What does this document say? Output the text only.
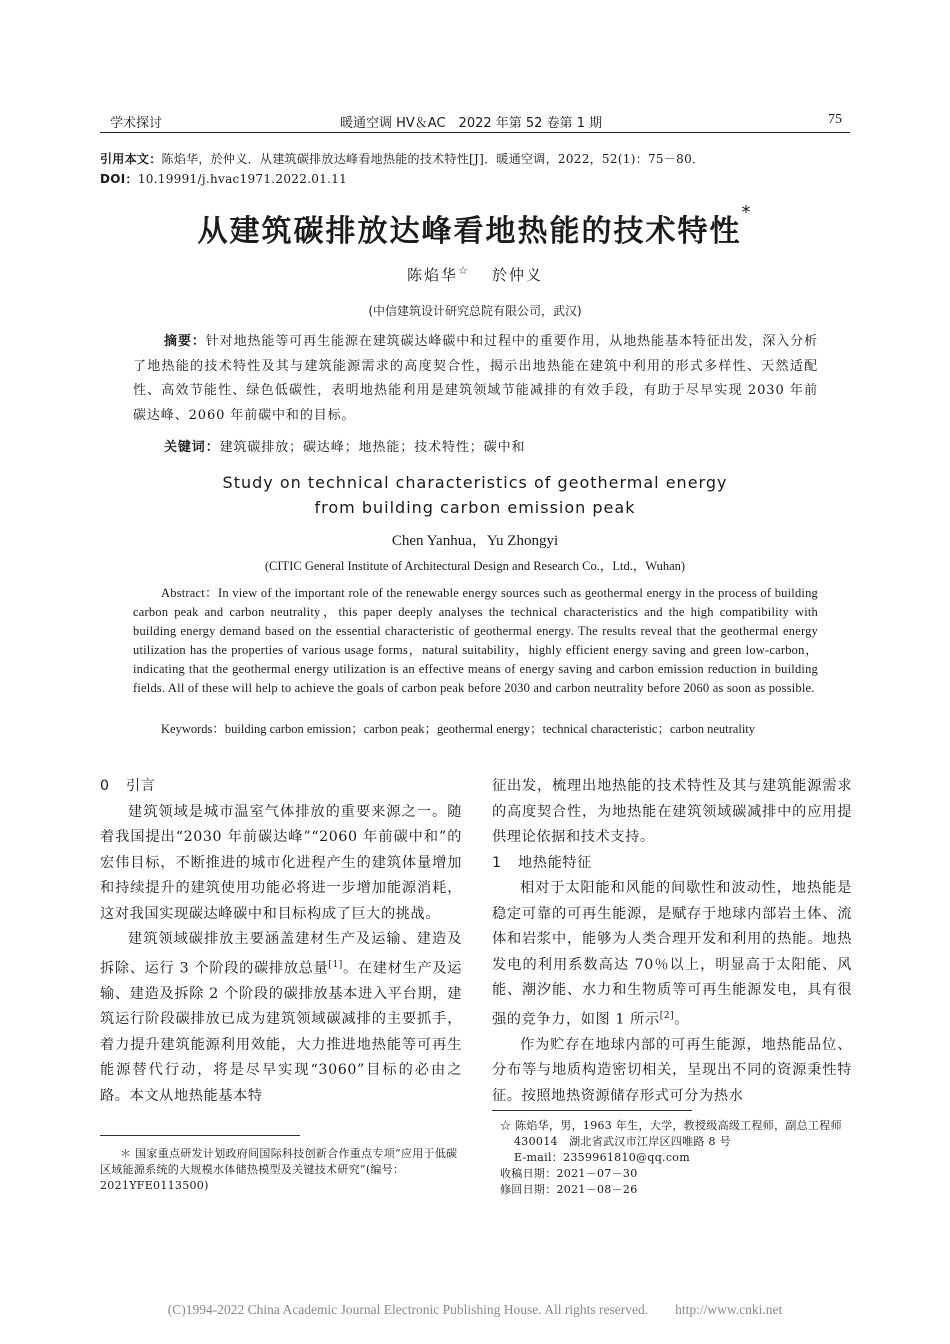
学术探讨	暖通空调 HV＆AC　2022 年第 52 卷第 1 期	75
引用本文：陈焰华，於仲义．从建筑碳排放达峰看地热能的技术特性[J]．暖通空调，2022，52(1)：75－80．
DOI：10.19991/j.hvac1971.2022.01.11
从建筑碳排放达峰看地热能的技术特性*
陈焰华☆ 於仲义
(中信建筑设计研究总院有限公司，武汉)
摘要：针对地热能等可再生能源在建筑碳达峰碳中和过程中的重要作用，从地热能基本特征出发，深入分析了地热能的技术特性及其与建筑能源需求的高度契合性，揭示出地热能在建筑中利用的形式多样性、天然适配性、高效节能性、绿色低碳性，表明地热能利用是建筑领域节能减排的有效手段，有助于尽早实现 2030 年前碳达峰、2060 年前碳中和的目标。
关键词：建筑碳排放；碳达峰；地热能；技术特性；碳中和
Study on technical characteristics of geothermal energy
from building carbon emission peak
Chen Yanhua，Yu Zhongyi
(CITIC General Institute of Architectural Design and Research Co.，Ltd.，Wuhan)
Abstract：In view of the important role of the renewable energy sources such as geothermal energy in the process of building carbon peak and carbon neutrality，this paper deeply analyses the technical characteristics and the high compatibility with building energy demand based on the essential characteristic of geothermal energy. The results reveal that the geothermal energy utilization has the properties of various usage forms，natural suitability，highly efficient energy saving and green low-carbon，indicating that the geothermal energy utilization is an effective means of energy saving and carbon emission reduction in building fields. All of these will help to achieve the goals of carbon peak before 2030 and carbon neutrality before 2060 as soon as possible.
Keywords：building carbon emission；carbon peak；geothermal energy；technical characteristic；carbon neutrality
0 引言

建筑领域是城市温室气体排放的重要来源之一。随着我国提出“2030 年前碳达峰”“2060 年前碳中和”的宏伟目标，不断推进的城市化进程产生的建筑体量增加和持续提升的建筑使用功能必将进一步增加能源消耗，这对我国实现碳达峰碳中和目标构成了巨大的挑战。

建筑领域碳排放主要涵盖建材生产及运输、建造及拆除、运行 3 个阶段的碳排放总量[1]。在建材生产及运输、建造及拆除 2 个阶段的碳排放基本进入平台期，建筑运行阶段碳排放已成为建筑领域碳减排的主要抓手，着力提升建筑能源利用效能，大力推进地热能等可再生能源替代行动，将是尽早实现“3060”目标的必由之路。本文从地热能基本特

＊ 国家重点研发计划政府间国际科技创新合作重点专项“应用于低碳区域能源系统的大规模水体储热模型及关键技术研究”(编号：2021YFE0113500)

征出发，梳理出地热能的技术特性及其与建筑能源需求的高度契合性，为地热能在建筑领域碳减排中的应用提供理论依据和技术支持。

1 地热能特征

相对于太阳能和风能的间歇性和波动性，地热能是稳定可靠的可再生能源，是赋存于地球内部岩土体、流体和岩浆中，能够为人类合理开发和利用的热能。地热发电的利用系数高达 70％以上，明显高于太阳能、风能、潮汐能、水力和生物质等可再生能源发电，具有很强的竞争力，如图 1 所示[2]。

作为贮存在地球内部的可再生能源，地热能品位、分布等与地质构造密切相关，呈现出不同的资源秉性特征。按照地热资源储存形式可分为热水

☆ 陈焰华，男，1963 年生，大学，教授级高级工程师，副总工程师
430014　湖北省武汉市江岸区四唯路 8 号
E-mail：2359961810@qq.com
收稿日期：2021－07－30
修回日期：2021－08－26
(C)1994-2022 China Academic Journal Electronic Publishing House. All rights reserved.　　http://www.cnki.net
